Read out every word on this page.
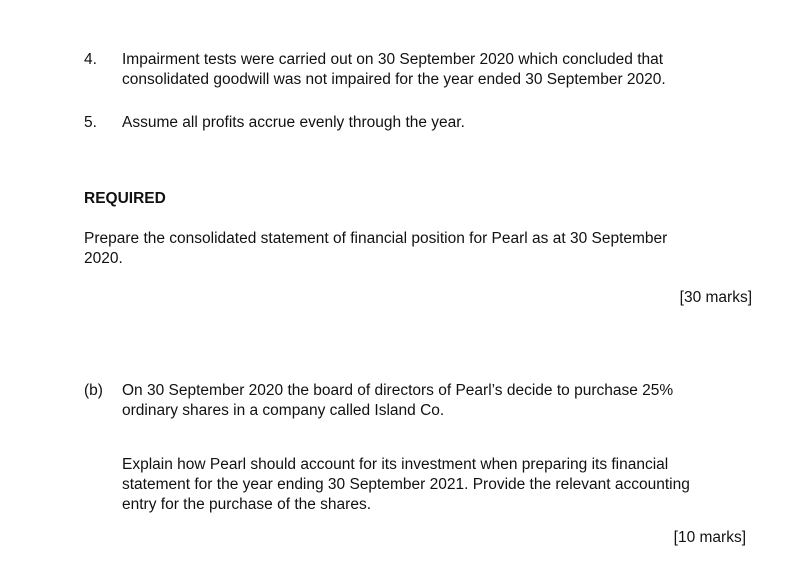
4. Impairment tests were carried out on 30 September 2020 which concluded that
consolidated goodwill was not impaired for the year ended 30 September 2020.
5. Assume all profits accrue evenly through the year.
REQUIRED
Prepare the consolidated statement of financial position for Pearl as at 30 September
2020.
[30 marks]
(b) On 30 September 2020 the board of directors of Pearl’s decide to purchase 25%
ordinary shares in a company called Island Co.
Explain how Pearl should account for its investment when preparing its financial
statement for the year ending 30 September 2021. Provide the relevant accounting
entry for the purchase of the shares.
[10 marks]
